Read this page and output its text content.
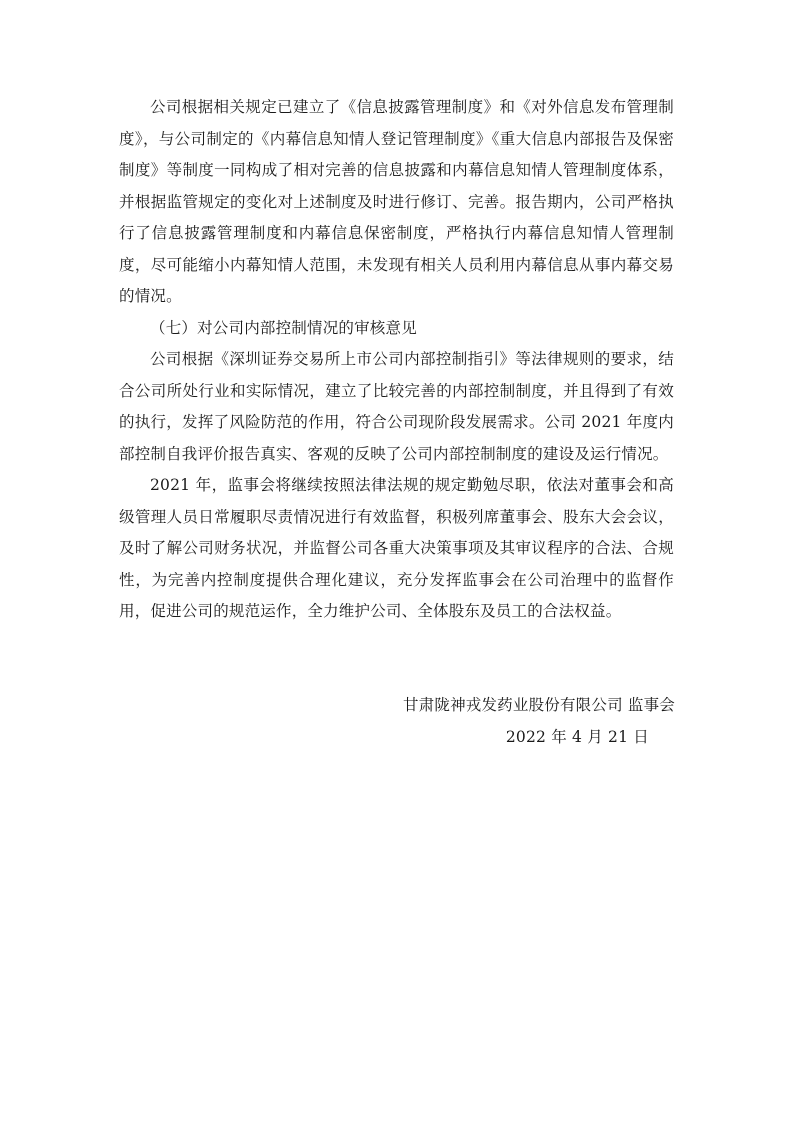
公司根据相关规定已建立了《信息披露管理制度》和《对外信息发布管理制度》，与公司制定的《内幕信息知情人登记管理制度》《重大信息内部报告及保密制度》等制度一同构成了相对完善的信息披露和内幕信息知情人管理制度体系，并根据监管规定的变化对上述制度及时进行修订、完善。报告期内，公司严格执行了信息披露管理制度和内幕信息保密制度，严格执行内幕信息知情人管理制度，尽可能缩小内幕知情人范围，未发现有相关人员利用内幕信息从事内幕交易的情况。

（七）对公司内部控制情况的审核意见

公司根据《深圳证券交易所上市公司内部控制指引》等法律规则的要求，结合公司所处行业和实际情况，建立了比较完善的内部控制制度，并且得到了有效的执行，发挥了风险防范的作用，符合公司现阶段发展需求。公司 2021 年度内部控制自我评价报告真实、客观的反映了公司内部控制制度的建设及运行情况。

2021 年，监事会将继续按照法律法规的规定勤勉尽职，依法对董事会和高级管理人员日常履职尽责情况进行有效监督，积极列席董事会、股东大会会议，及时了解公司财务状况，并监督公司各重大决策事项及其审议程序的合法、合规性，为完善内控制度提供合理化建议，充分发挥监事会在公司治理中的监督作用，促进公司的规范运作，全力维护公司、全体股东及员工的合法权益。

甘肃陇神戎发药业股份有限公司 监事会
2022 年 4 月 21 日
